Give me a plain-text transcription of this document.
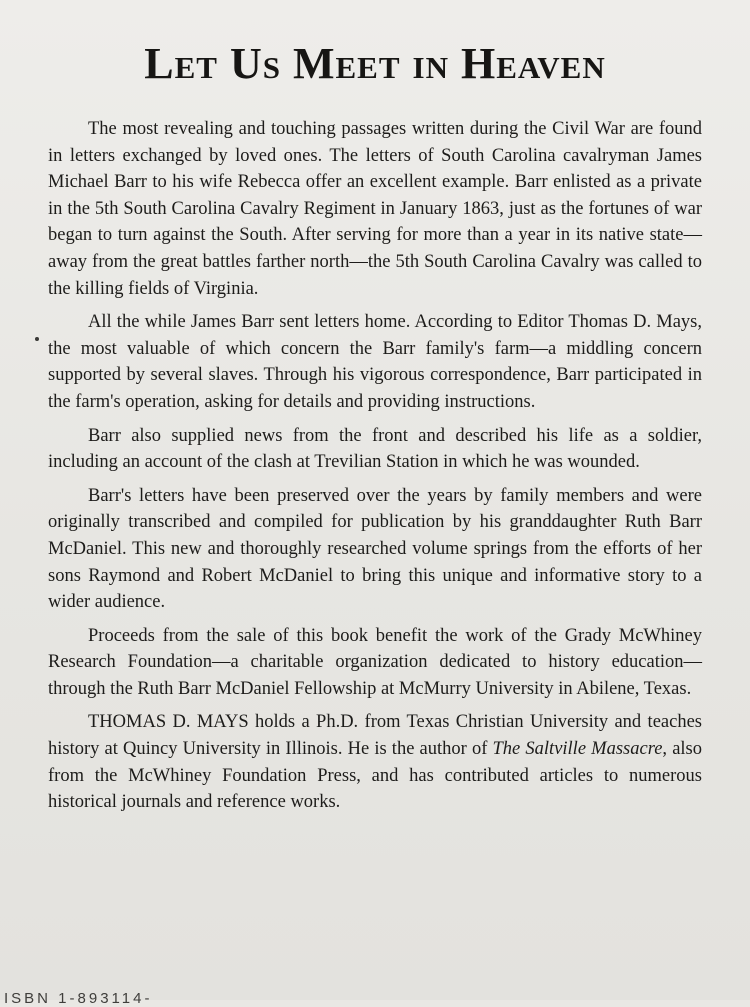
Let Us Meet in Heaven

The most revealing and touching passages written during the Civil War are found in letters exchanged by loved ones. The letters of South Carolina cavalryman James Michael Barr to his wife Rebecca offer an excellent example. Barr enlisted as a private in the 5th South Carolina Cavalry Regiment in January 1863, just as the fortunes of war began to turn against the South. After serving for more than a year in its native state—away from the great battles farther north—the 5th South Carolina Cavalry was called to the killing fields of Virginia.

All the while James Barr sent letters home. According to Editor Thomas D. Mays, the most valuable of which concern the Barr family's farm—a middling concern supported by several slaves. Through his vigorous correspondence, Barr participated in the farm's operation, asking for details and providing instructions.

Barr also supplied news from the front and described his life as a soldier, including an account of the clash at Trevilian Station in which he was wounded.

Barr's letters have been preserved over the years by family members and were originally transcribed and compiled for publication by his granddaughter Ruth Barr McDaniel. This new and thoroughly researched volume springs from the efforts of her sons Raymond and Robert McDaniel to bring this unique and informative story to a wider audience.

Proceeds from the sale of this book benefit the work of the Grady McWhiney Research Foundation—a charitable organization dedicated to history education—through the Ruth Barr McDaniel Fellowship at McMurry University in Abilene, Texas.

THOMAS D. MAYS holds a Ph.D. from Texas Christian University and teaches history at Quincy University in Illinois. He is the author of The Saltville Massacre, also from the McWhiney Foundation Press, and has contributed articles to numerous historical journals and reference works.

ISBN 1-893114-
